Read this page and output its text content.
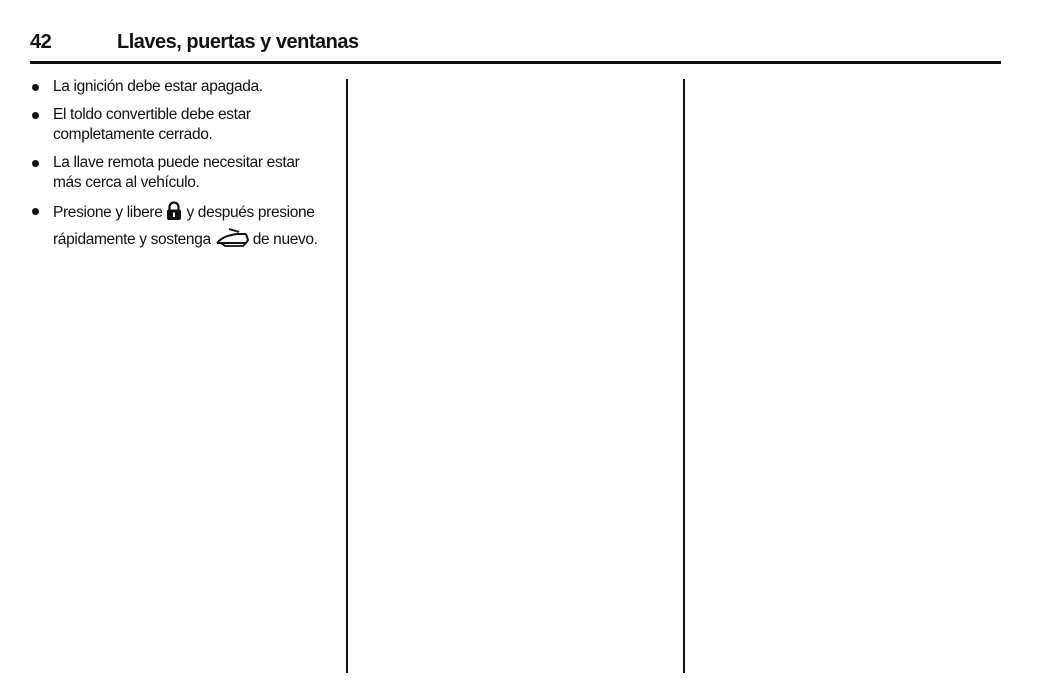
42	Llaves, puertas y ventanas
La ignición debe estar apagada.
El toldo convertible debe estar completamente cerrado.
La llave remota puede necesitar estar más cerca al vehículo.
Presione y libere y después presione rápidamente y sostenga	de nuevo.
